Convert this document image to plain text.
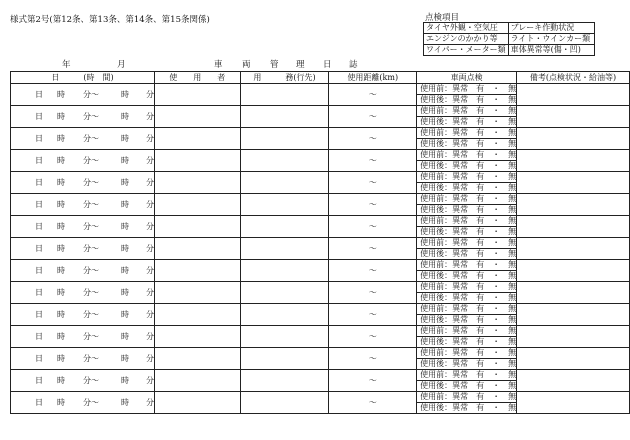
様式第2号(第12条、第13条、第14条、第15条関係)	点検項目
タイヤ外観・空気圧	ブレーキ作動状況
エンジンのかかり等	ライト・ウインカー類
ワイパー・メーター類	車体異常等(傷・凹)
年	月	車 両 管 理 日 誌
日　　　(時　間)	使　　用　　者	用　　　務(行先)	使用距離(km)	車両点検	備考(点検状況・給油等)
日 時 分～ 時 分			～	使用前：異常　有　・　無	
				使用後：異常　有　・　無	
日 時 分～ 時 分			～	使用前：異常　有　・　無	
				使用後：異常　有　・　無	
日 時 分～ 時 分			～	使用前：異常　有　・　無	
				使用後：異常　有　・　無	
日 時 分～ 時 分			～	使用前：異常　有　・　無	
				使用後：異常　有　・　無	
日 時 分～ 時 分			～	使用前：異常　有　・　無	
				使用後：異常　有　・　無	
日 時 分～ 時 分			～	使用前：異常　有　・　無	
				使用後：異常　有　・　無	
日 時 分～ 時 分			～	使用前：異常　有　・　無	
				使用後：異常　有　・　無	
日 時 分～ 時 分			～	使用前：異常　有　・　無	
				使用後：異常　有　・　無	
日 時 分～ 時 分			～	使用前：異常　有　・　無	
				使用後：異常　有　・　無	
日 時 分～ 時 分			～	使用前：異常　有　・　無	
				使用後：異常　有　・　無	
日 時 分～ 時 分			～	使用前：異常　有　・　無	
				使用後：異常　有　・　無	
日 時 分～ 時 分			～	使用前：異常　有　・　無	
				使用後：異常　有　・　無	
日 時 分～ 時 分			～	使用前：異常　有　・　無	
				使用後：異常　有　・　無	
日 時 分～ 時 分			～	使用前：異常　有　・　無	
				使用後：異常　有　・　無	
日 時 分～ 時 分			～	使用前：異常　有　・　無	
				使用後：異常　有　・　無	
